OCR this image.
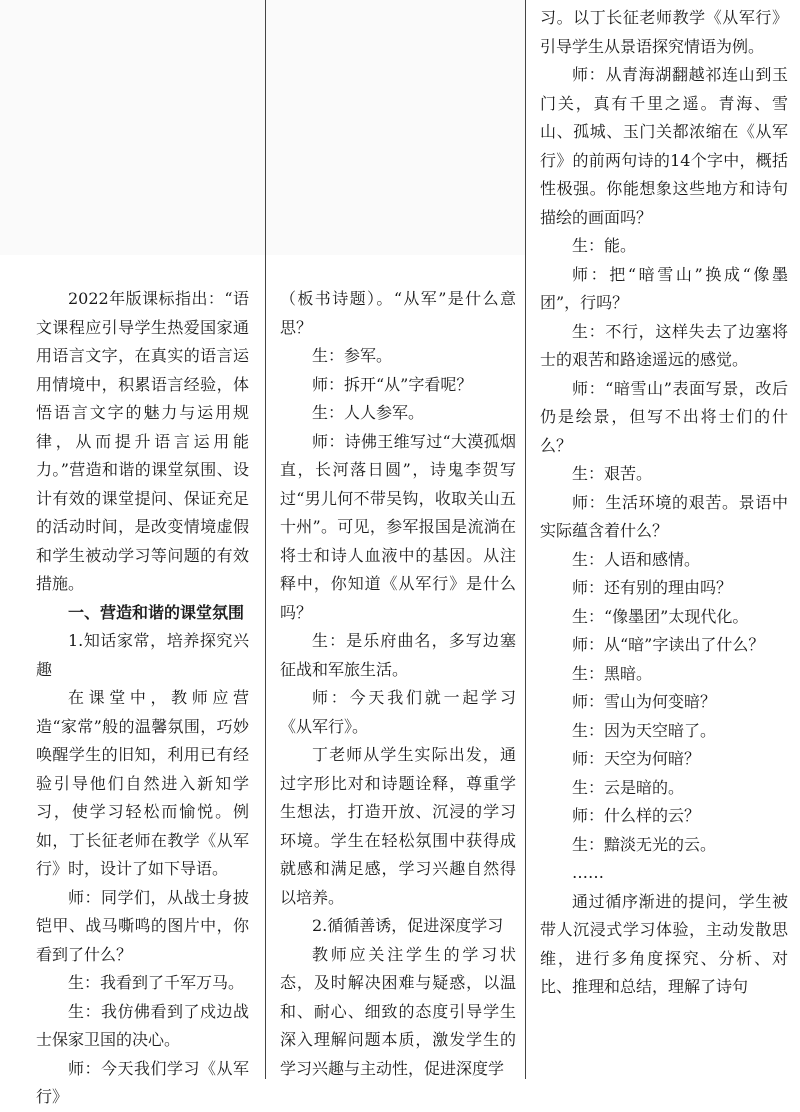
2022年版课标指出：“语文课程应引导学生热爱国家通用语言文字，在真实的语言运用情境中，积累语言经验，体悟语言文字的魅力与运用规律，从而提升语言运用能力。”营造和谐的课堂氛围、设计有效的课堂提问、保证充足的活动时间，是改变情境虚假和学生被动学习等问题的有效措施。

一、营造和谐的课堂氛围

1.知话家常，培养探究兴趣

在课堂中，教师应营造“家常”般的温馨氛围，巧妙唤醒学生的旧知，利用已有经验引导他们自然进入新知学习，使学习轻松而愉悦。例如，丁长征老师在教学《从军行》时，设计了如下导语。

师：同学们，从战士身披铠甲、战马嘶鸣的图片中，你看到了什么？

生：我看到了千军万马。

生：我仿佛看到了戍边战士保家卫国的决心。

师：今天我们学习《从军行》

（板书诗题）。“从军”是什么意思？

生：参军。

师：拆开“从”字看呢？

生：人人参军。

师：诗佛王维写过“大漠孤烟直，长河落日圆”，诗鬼李贺写过“男儿何不带吴钩，收取关山五十州”。可见，参军报国是流淌在将士和诗人血液中的基因。从注释中，你知道《从军行》是什么吗？

生：是乐府曲名，多写边塞征战和军旅生活。

师：今天我们就一起学习《从军行》。

丁老师从学生实际出发，通过字形比对和诗题诠释，尊重学生想法，打造开放、沉浸的学习环境。学生在轻松氛围中获得成就感和满足感，学习兴趣自然得以培养。

2.循循善诱，促进深度学习

教师应关注学生的学习状态，及时解决困难与疑惑，以温和、耐心、细致的态度引导学生深入理解问题本质，激发学生的学习兴趣与主动性，促进深度学

习。以丁长征老师教学《从军行》引导学生从景语探究情语为例。

师：从青海湖翻越祁连山到玉门关，真有千里之遥。青海、雪山、孤城、玉门关都浓缩在《从军行》的前两句诗的14个字中，概括性极强。你能想象这些地方和诗句描绘的画面吗？

生：能。

师：把“暗雪山”换成“像墨团”，行吗？

生：不行，这样失去了边塞将士的艰苦和路途遥远的感觉。

师：“暗雪山”表面写景，改后仍是绘景，但写不出将士们的什么？

生：艰苦。

师：生活环境的艰苦。景语中实际蕴含着什么？

生：人语和感情。

师：还有别的理由吗？

生：“像墨团”太现代化。

师：从“暗”字读出了什么？

生：黑暗。

师：雪山为何变暗？

生：因为天空暗了。

师：天空为何暗？

生：云是暗的。

师：什么样的云？

生：黯淡无光的云。

……

通过循序渐进的提问，学生被带人沉浸式学习体验，主动发散思维，进行多角度探究、分析、对比、推理和总结，理解了诗句
